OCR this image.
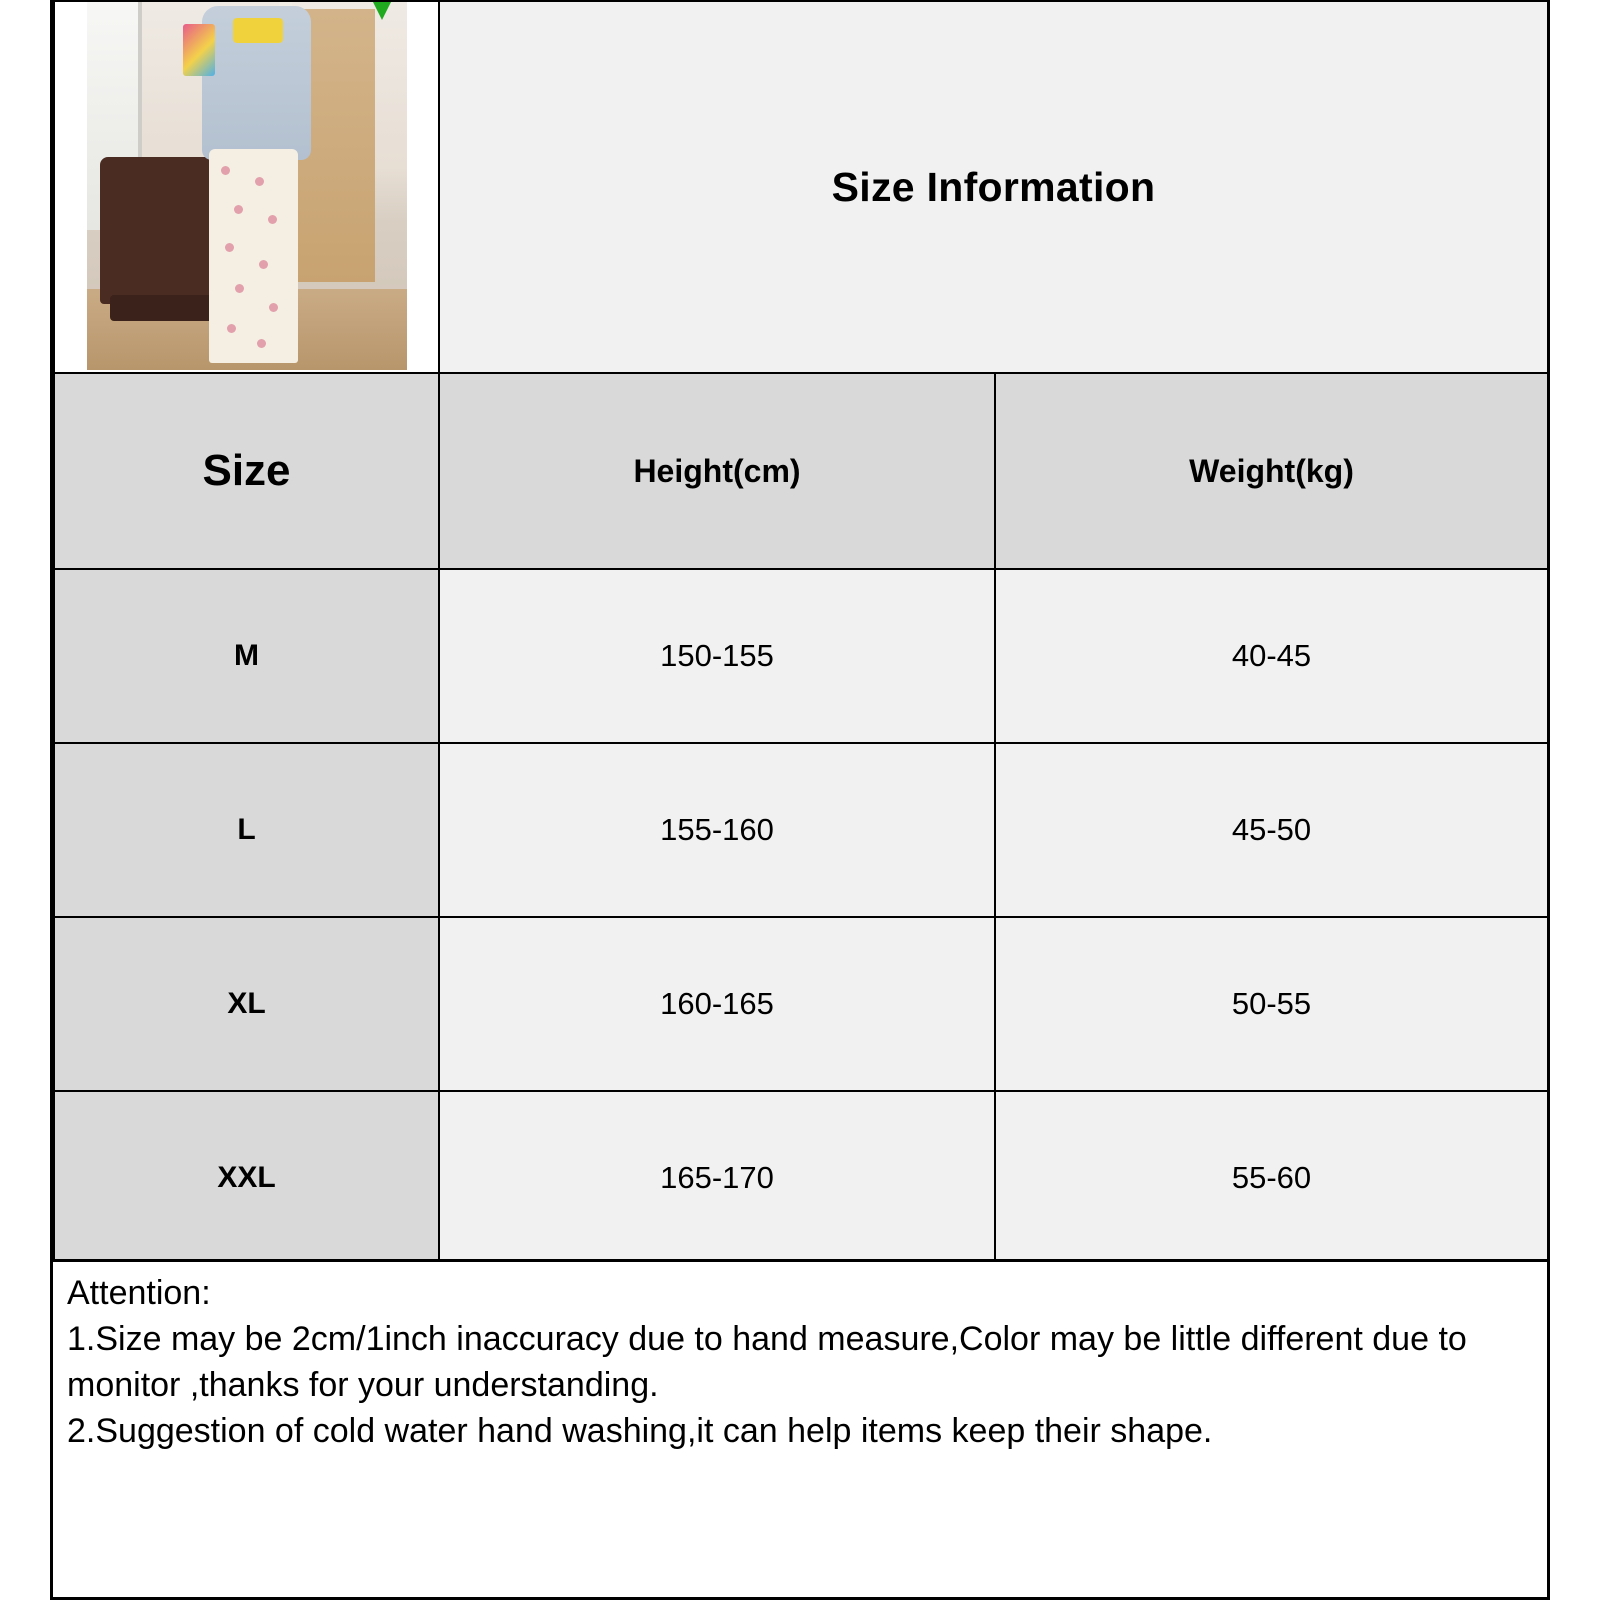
	Size Information	
Size	Height(cm)	Weight(kg)
M	150-155	40-45
L	155-160	45-50
XL	160-165	50-55
XXL	165-170	55-60
Attention:
1.Size may be 2cm/1inch inaccuracy due to hand measure,Color may be little different due to monitor ,thanks for your understanding.
2.Suggestion of cold water hand washing,it can help items keep their shape.
